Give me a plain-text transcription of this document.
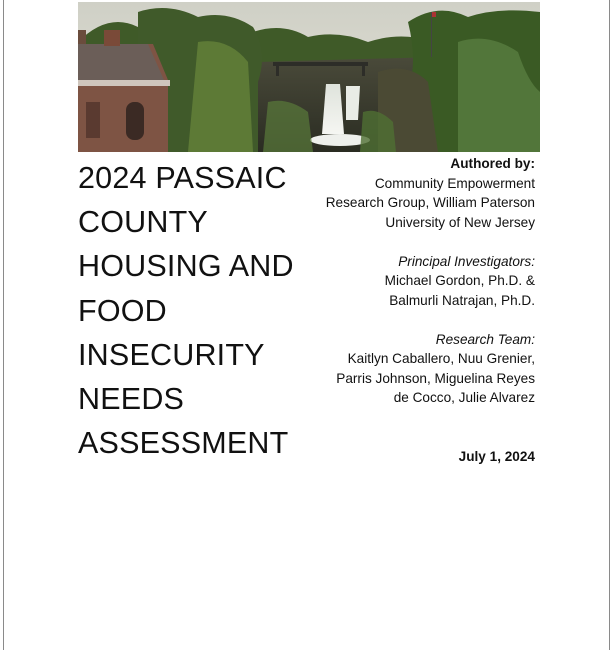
2024 PASSAIC
COUNTY
HOUSING AND
FOOD
INSECURITY
NEEDS
ASSESSMENT
Authored by:
Community Empowerment
Research Group, William Paterson
University of New Jersey
Principal Investigators:
Michael Gordon, Ph.D. &
Balmurli Natrajan, Ph.D.
Research Team:
Kaitlyn Caballero, Nuu Grenier,
Parris Johnson, Miguelina Reyes
de Cocco, Julie Alvarez
July 1, 2024
